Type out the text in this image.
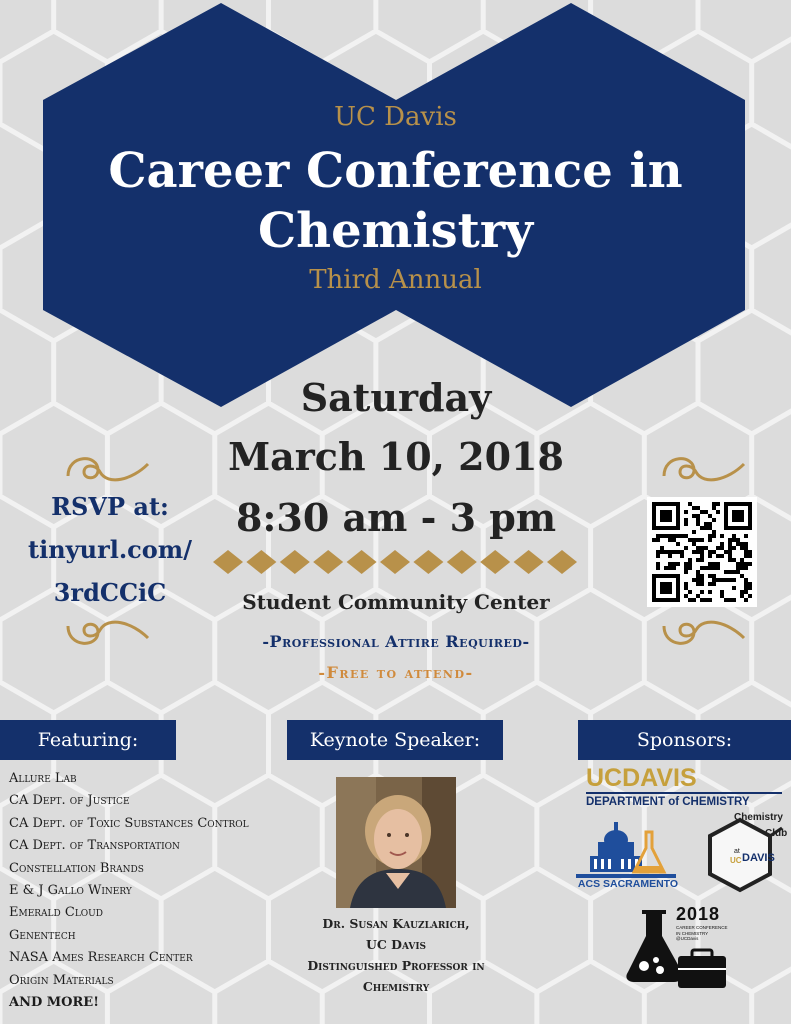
UC Davis
Career Conference in
Chemistry
Third Annual
Saturday
March 10, 2018
8:30 am - 3 pm
Student Community Center
-Professional Attire Required-
-Free to attend-
RSVP at:
tinyurl.com/
3rdCCiC
Featuring:	Keynote Speaker:	Sponsors:
Allure Lab
CA Dept. of Justice
CA Dept. of Toxic Substances Control
CA Dept. of Transportation
Constellation Brands
E & J Gallo Winery
Emerald Cloud
Genentech
NASA Ames Research Center
Origin Materials
AND MORE!
Dr. Susan Kauzlarich,
UC Davis
Distinguished Professor in
Chemistry
UCDAVIS
DEPARTMENT of CHEMISTRY
ACS SACRAMENTO
Chemistry
Club
at
UC DAVIS
2018
CAREER CONFERENCE
IN CHEMISTRY
@UCDavis
